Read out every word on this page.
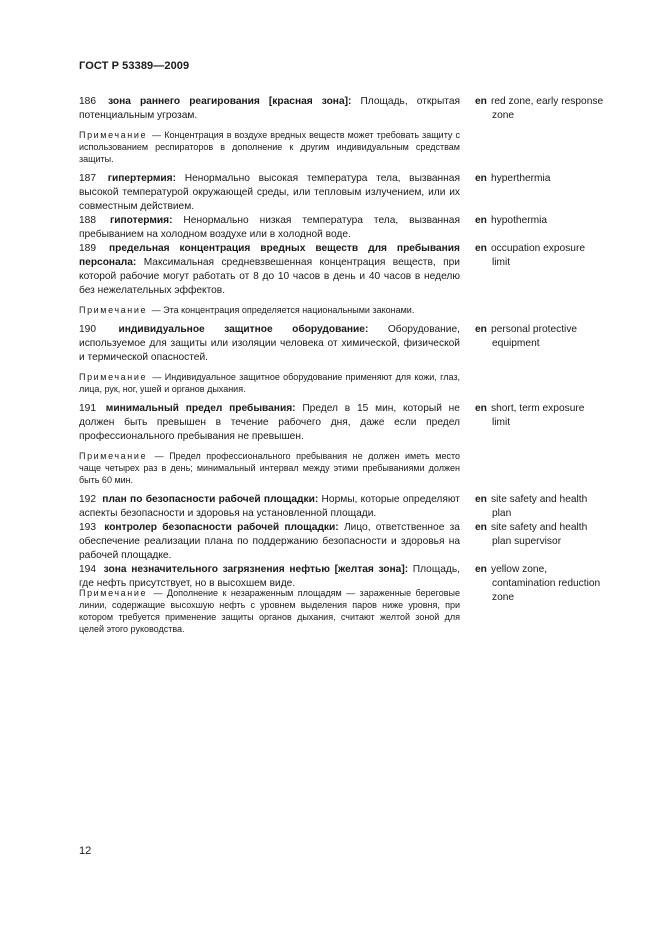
ГОСТ Р 53389—2009
186 зона раннего реагирования [красная зона]: Площадь, открытая потенциальным угрозам.
en red zone, early response
zone
Примечание — Концентрация в воздухе вредных веществ может требовать защиту с использованием респираторов в дополнение к другим индивидуальным средствам защиты.
187 гипертермия: Ненормально высокая температура тела, вызванная высокой температурой окружающей среды, или тепловым излучением, или их совместным действием.
en hyperthermia
188 гипотермия: Ненормально низкая температура тела, вызванная пребыванием на холодном воздухе или в холодной воде.
en hypothermia
189 предельная концентрация вредных веществ для пребывания персонала: Максимальная средневзвешенная концентрация веществ, при которой рабочие могут работать от 8 до 10 часов в день и 40 часов в неделю без нежелательных эффектов.
en occupation exposure
limit
Примечание — Эта концентрация определяется национальными законами.
190 индивидуальное защитное оборудование: Оборудование, используемое для защиты или изоляции человека от химической, физической и термической опасностей.
en personal protective
equipment
Примечание — Индивидуальное защитное оборудование применяют для кожи, глаз, лица, рук, ног, ушей и органов дыхания.
191 минимальный предел пребывания: Предел в 15 мин, который не должен быть превышен в течение рабочего дня, даже если предел профессионального пребывания не превышен.
en short, term exposure
limit
Примечание — Предел профессионального пребывания не должен иметь место чаще четырех раз в день; минимальный интервал между этими пребываниями должен быть 60 мин.
192 план по безопасности рабочей площадки: Нормы, которые определяют аспекты безопасности и здоровья на установленной площади.
en site safety and health
plan
193 контролер безопасности рабочей площадки: Лицо, ответственное за обеспечение реализации плана по поддержанию безопасности и здоровья на рабочей площадке.
en site safety and health
plan supervisor
194 зона незначительного загрязнения нефтью [желтая зона]: Площадь, где нефть присутствует, но в высохшем виде.
en yellow zone,
contamination reduction
zone
Примечание — Дополнение к незараженным площадям — зараженные береговые линии, содержащие высохшую нефть с уровнем выделения паров ниже уровня, при котором требуется применение защиты органов дыхания, считают желтой зоной для целей этого руководства.
12
